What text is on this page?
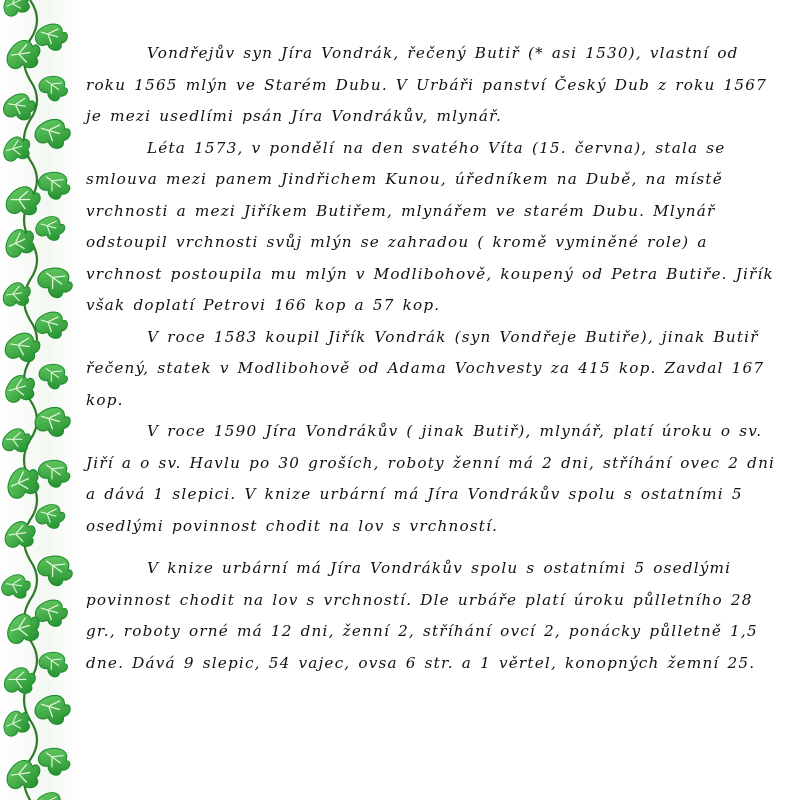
Vondřejův syn Jíra Vondrák, řečený Butiř (* asi 1530), vlastní od roku 1565 mlýn ve Starém Dubu. V Urbáři panství Český Dub z roku 1567 je mezi usedlími psán Jíra Vondrákův, mlynář.

Léta 1573, v pondělí na den svatého Víta (15. června), stala se smlouva mezi panem Jindřichem Kunou, úředníkem na Dubě, na místě vrchnosti a mezi Jiříkem Butiřem, mlynářem ve starém Dubu. Mlynář odstoupil vrchnosti svůj mlýn se zahradou ( kromě vyminěné role) a vrchnost postoupila mu mlýn v Modlibohově, koupený od Petra Butiře. Jiřík však doplatí Petrovi 166 kop a 57 kop.

V roce 1583 koupil Jiřík Vondrák (syn Vondřeje Butiře), jinak Butiř řečený, statek v Modlibohově od Adama Vochvesty za 415 kop. Zavdal 167 kop.

V roce 1590 Jíra Vondrákův ( jinak Butiř), mlynář, platí úroku o sv. Jiří a o sv. Havlu po 30 groších, roboty ženní má 2 dni, stříhání ovec 2 dni a dává 1 slepici. V knize urbární má Jíra Vondrákův spolu s ostatními 5 osedlými povinnost chodit na lov s vrchností.

V knize urbární má Jíra Vondrákův spolu s ostatními 5 osedlými povinnost chodit na lov s vrchností. Dle urbáře platí úroku půlletního 28 gr., roboty orné má 12 dni, ženní 2, stříhání ovcí 2, ponácky půlletně 1,5 dne. Dává 9 slepic, 54 vajec, ovsa 6 str. a 1 věrtel, konopných žemní 25.
